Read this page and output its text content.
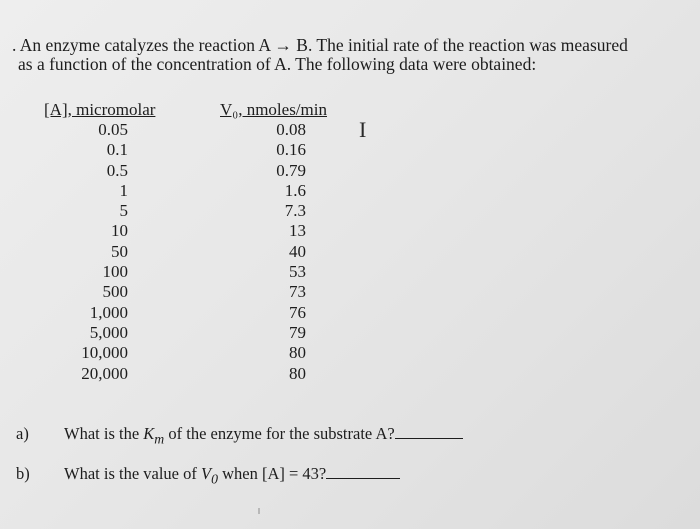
. An enzyme catalyzes the reaction A → B. The initial rate of the reaction was measured
as a function of the concentration of A. The following data were obtained:
[A], micromolar
0.05
0.1
0.5
1
5
10
50
100
500
1,000
5,000
10,000
20,000
V₀, nmoles/min
0.08
0.16
0.79
1.6
7.3
13
40
53
73
76
79
80
80
I
a) What is the $K_m$ of the enzyme for the substrate A?
b) What is the value of $V_0$ when [A] = 43?
